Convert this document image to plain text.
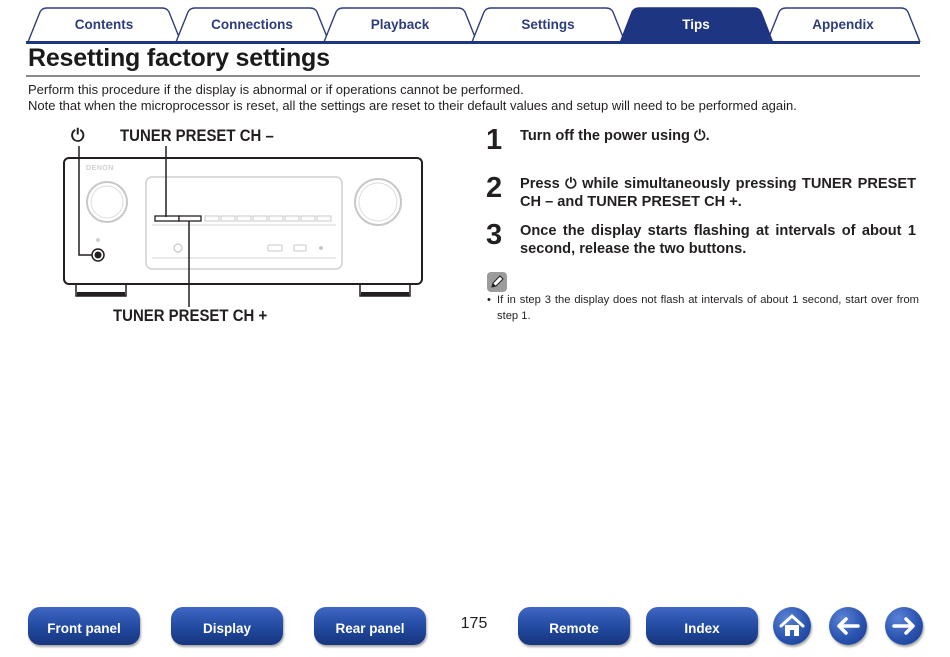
Contents	Connections	Playback	Settings	Tips	Appendix
Resetting factory settings
Perform this procedure if the display is abnormal or if operations cannot be performed.
Note that when the microprocessor is reset, all the settings are reset to their default values and setup will need to be performed again.
DENON
⏻ TUNER PRESET CH –
TUNER PRESET CH +
1 Turn off the power using ⏻.
2 Press ⏻ while simultaneously pressing TUNER PRESET CH – and TUNER PRESET CH +.
3 Once the display starts flashing at intervals of about 1 second, release the two buttons.
• If in step 3 the display does not flash at intervals of about 1 second, start over from step 1.
Front panel	Display	Rear panel	175	Remote	Index
